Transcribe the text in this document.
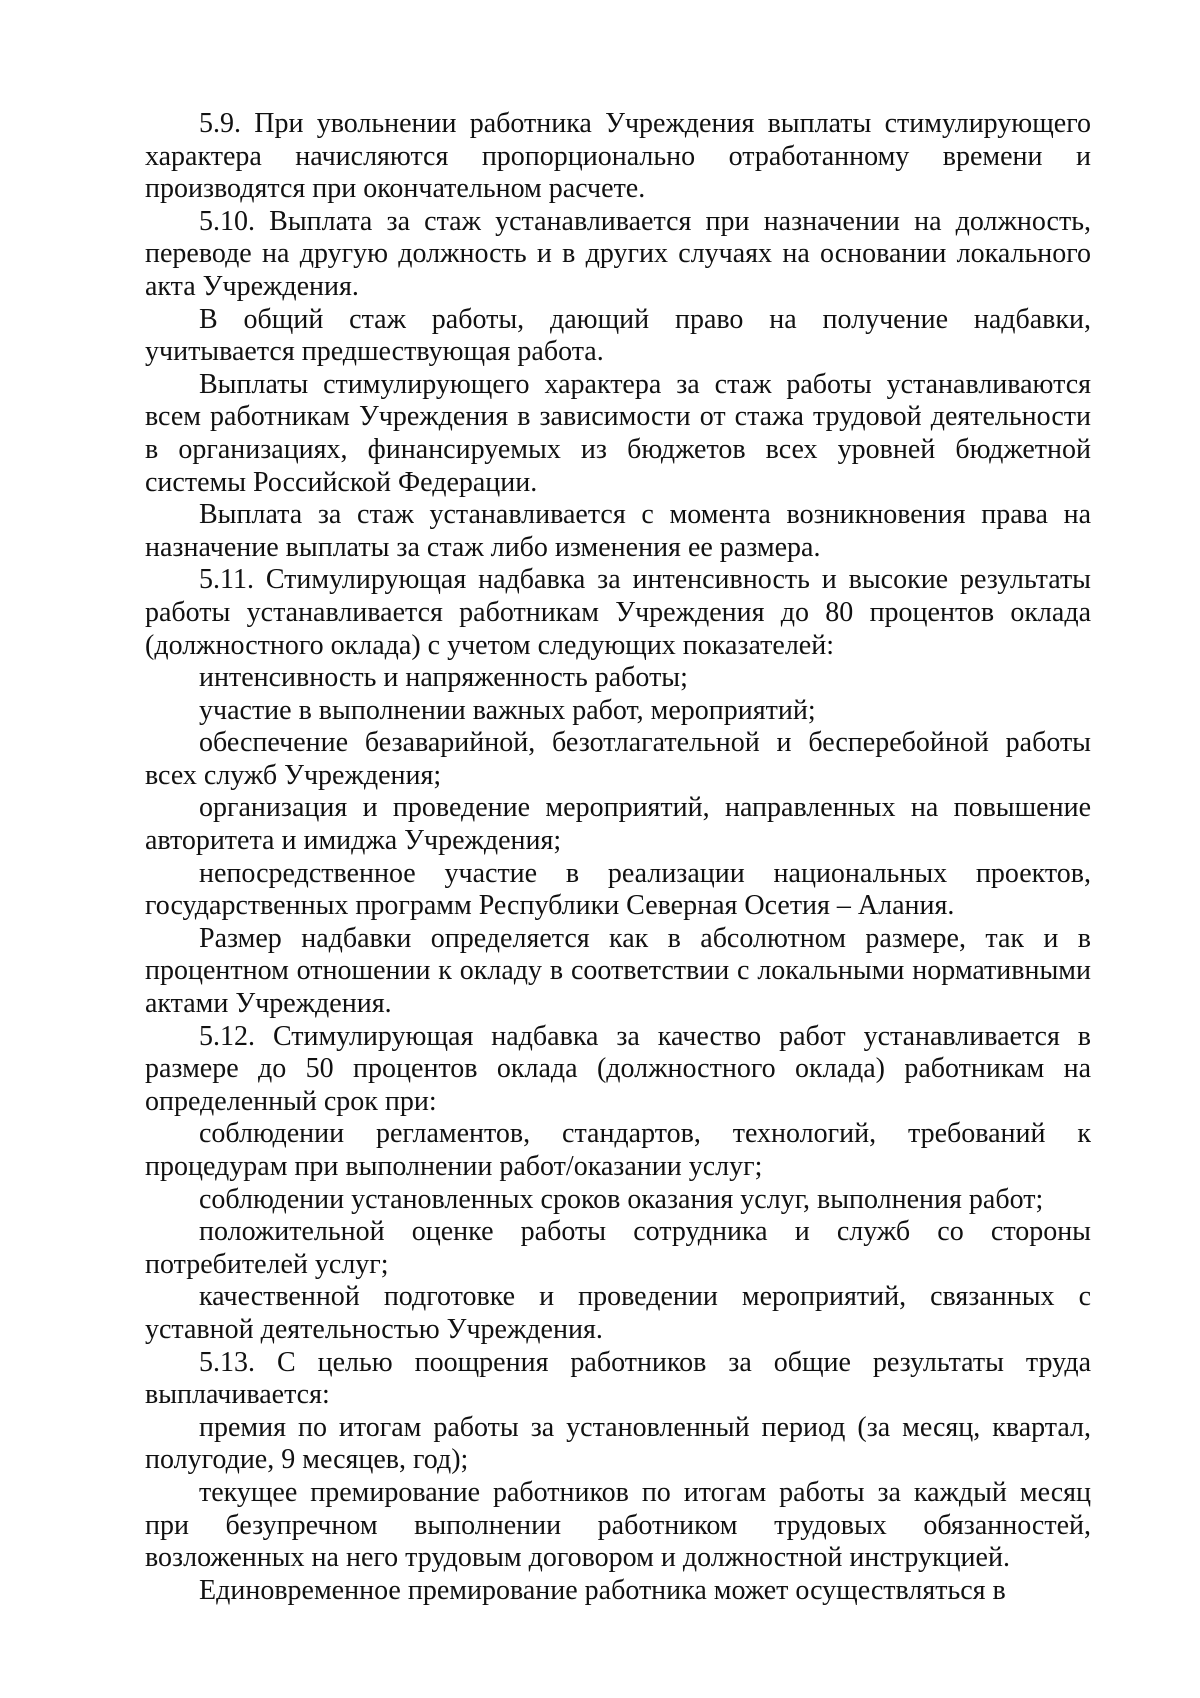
5.9. При увольнении работника Учреждения выплаты стимулирующего характера начисляются пропорционально отработанному времени и производятся при окончательном расчете.

5.10. Выплата за стаж устанавливается при назначении на должность, переводе на другую должность и в других случаях на основании локального акта Учреждения.

В общий стаж работы, дающий право на получение надбавки, учитывается предшествующая работа.

Выплаты стимулирующего характера за стаж работы устанавливаются всем работникам Учреждения в зависимости от стажа трудовой деятельности в организациях, финансируемых из бюджетов всех уровней бюджетной системы Российской Федерации.

Выплата за стаж устанавливается с момента возникновения права на назначение выплаты за стаж либо изменения ее размера.

5.11. Стимулирующая надбавка за интенсивность и высокие результаты работы устанавливается работникам Учреждения до 80 процентов оклада (должностного оклада) с учетом следующих показателей:

интенсивность и напряженность работы;

участие в выполнении важных работ, мероприятий;

обеспечение безаварийной, безотлагательной и бесперебойной работы всех служб Учреждения;

организация и проведение мероприятий, направленных на повышение авторитета и имиджа Учреждения;

непосредственное участие в реализации национальных проектов, государственных программ Республики Северная Осетия – Алания.

Размер надбавки определяется как в абсолютном размере, так и в процентном отношении к окладу в соответствии с локальными нормативными актами Учреждения.

5.12. Стимулирующая надбавка за качество работ устанавливается в размере до 50 процентов оклада (должностного оклада) работникам на определенный срок при:

соблюдении регламентов, стандартов, технологий, требований к процедурам при выполнении работ/оказании услуг;

соблюдении установленных сроков оказания услуг, выполнения работ;

положительной оценке работы сотрудника и служб со стороны потребителей услуг;

качественной подготовке и проведении мероприятий, связанных с уставной деятельностью Учреждения.

5.13. С целью поощрения работников за общие результаты труда выплачивается:

премия по итогам работы за установленный период (за месяц, квартал, полугодие, 9 месяцев, год);

текущее премирование работников по итогам работы за каждый месяц при безупречном выполнении работником трудовых обязанностей, возложенных на него трудовым договором и должностной инструкцией.

Единовременное премирование работника может осуществляться в
